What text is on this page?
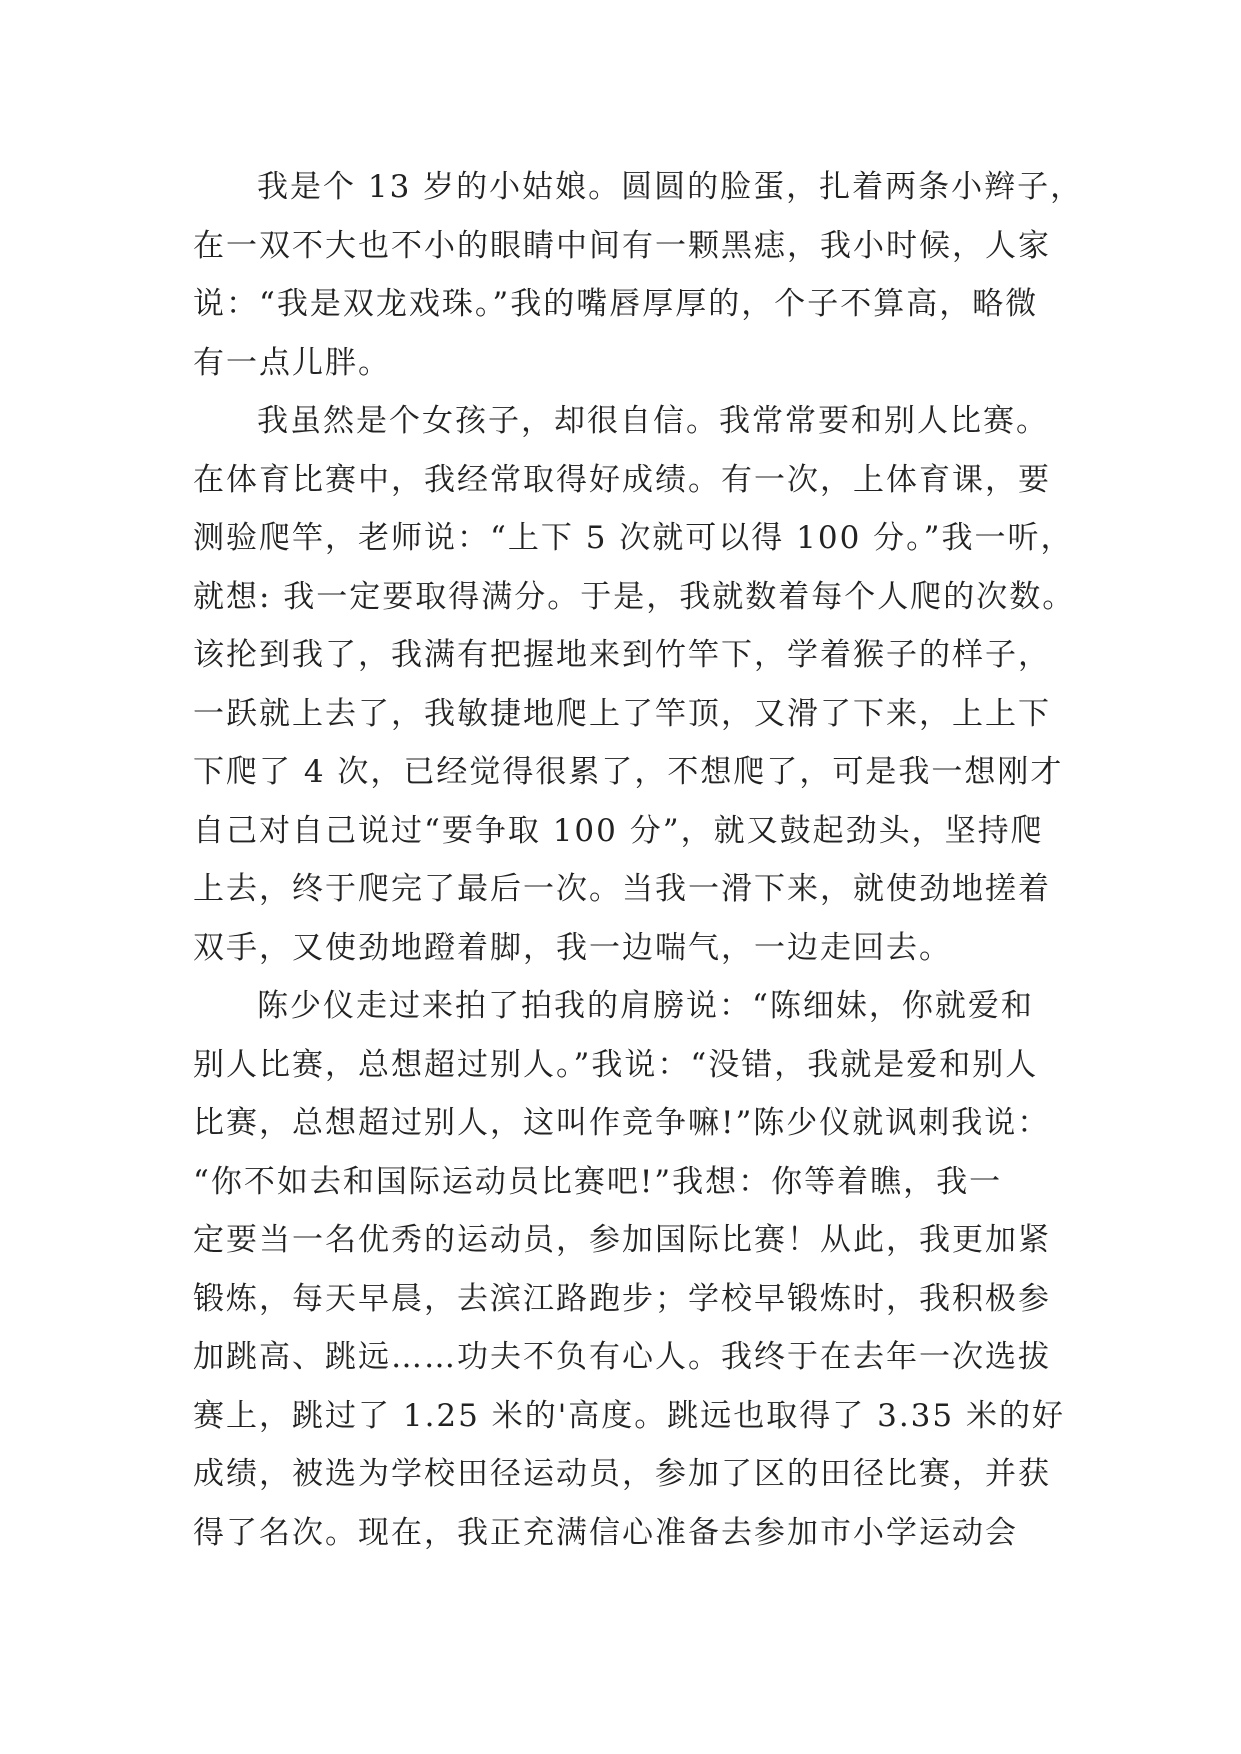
我是个 13 岁的小姑娘。圆圆的脸蛋，扎着两条小辫子，
在一双不大也不小的眼睛中间有一颗黑痣，我小时候，人家
说：“我是双龙戏珠。”我的嘴唇厚厚的，个子不算高，略微
有一点儿胖。
我虽然是个女孩子，却很自信。我常常要和别人比赛。
在体育比赛中，我经常取得好成绩。有一次，上体育课，要
测验爬竿，老师说：“上下 5 次就可以得 100 分。”我一听，
就想: 我一定要取得满分。于是，我就数着每个人爬的次数。
该抡到我了，我满有把握地来到竹竿下，学着猴子的样子，
一跃就上去了，我敏捷地爬上了竿顶，又滑了下来，上上下
下爬了 4 次，已经觉得很累了，不想爬了，可是我一想刚才
自己对自己说过“要争取 100 分”，就又鼓起劲头，坚持爬
上去，终于爬完了最后一次。当我一滑下来，就使劲地搓着
双手，又使劲地蹬着脚，我一边喘气，一边走回去。
陈少仪走过来拍了拍我的肩膀说：“陈细妹，你就爱和
别人比赛，总想超过别人。”我说：“没错，我就是爱和别人
比赛，总想超过别人，这叫作竞争嘛!”陈少仪就讽刺我说：
“你不如去和国际运动员比赛吧!”我想：你等着瞧，我一
定要当一名优秀的运动员，参加国际比赛！从此，我更加紧
锻炼，每天早晨，去滨江路跑步；学校早锻炼时，我积极参
加跳高、跳远……功夫不负有心人。我终于在去年一次选拔
赛上，跳过了 1.25 米的'高度。跳远也取得了 3.35 米的好
成绩，被选为学校田径运动员，参加了区的田径比赛，并获
得了名次。现在，我正充满信心准备去参加市小学运动会
